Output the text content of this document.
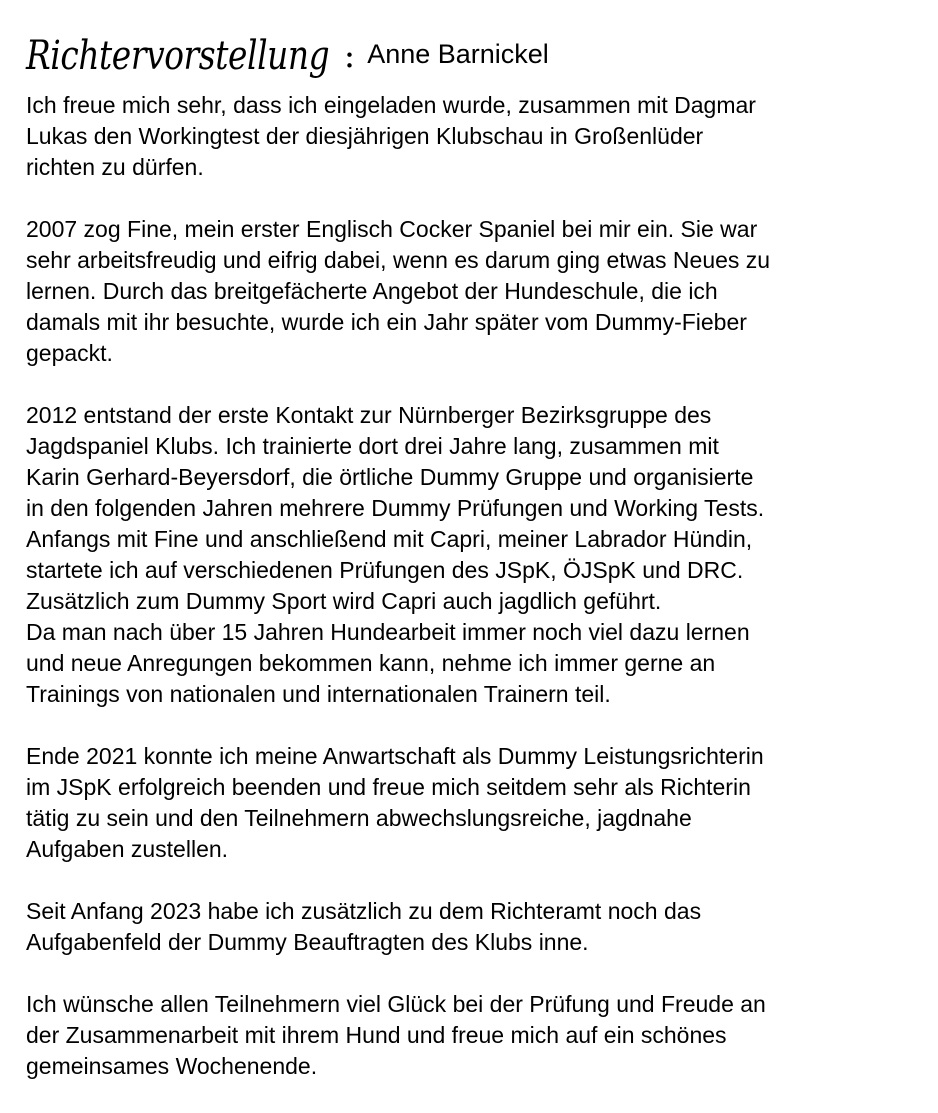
Richtervorstellung : Anne Barnickel

Ich freue mich sehr, dass ich eingeladen wurde, zusammen mit Dagmar
Lukas den Workingtest der diesjährigen Klubschau in Großenlüder
richten zu dürfen.

2007 zog Fine, mein erster Englisch Cocker Spaniel bei mir ein. Sie war
sehr arbeitsfreudig und eifrig dabei, wenn es darum ging etwas Neues zu
lernen. Durch das breitgefächerte Angebot der Hundeschule, die ich
damals mit ihr besuchte, wurde ich ein Jahr später vom Dummy-Fieber
gepackt.

2012 entstand der erste Kontakt zur Nürnberger Bezirksgruppe des
Jagdspaniel Klubs. Ich trainierte dort drei Jahre lang, zusammen mit
Karin Gerhard-Beyersdorf, die örtliche Dummy Gruppe und organisierte
in den folgenden Jahren mehrere Dummy Prüfungen und Working Tests.
Anfangs mit Fine und anschließend mit Capri, meiner Labrador Hündin,
startete ich auf verschiedenen Prüfungen des JSpK, ÖJSpK und DRC.
Zusätzlich zum Dummy Sport wird Capri auch jagdlich geführt.
Da man nach über 15 Jahren Hundearbeit immer noch viel dazu lernen
und neue Anregungen bekommen kann, nehme ich immer gerne an
Trainings von nationalen und internationalen Trainern teil.

Ende 2021 konnte ich meine Anwartschaft als Dummy Leistungsrichterin
im JSpK erfolgreich beenden und freue mich seitdem sehr als Richterin
tätig zu sein und den Teilnehmern abwechslungsreiche, jagdnahe
Aufgaben zustellen.

Seit Anfang 2023 habe ich zusätzlich zu dem Richteramt noch das
Aufgabenfeld der Dummy Beauftragten des Klubs inne.

Ich wünsche allen Teilnehmern viel Glück bei der Prüfung und Freude an
der Zusammenarbeit mit ihrem Hund und freue mich auf ein schönes
gemeinsames Wochenende.
